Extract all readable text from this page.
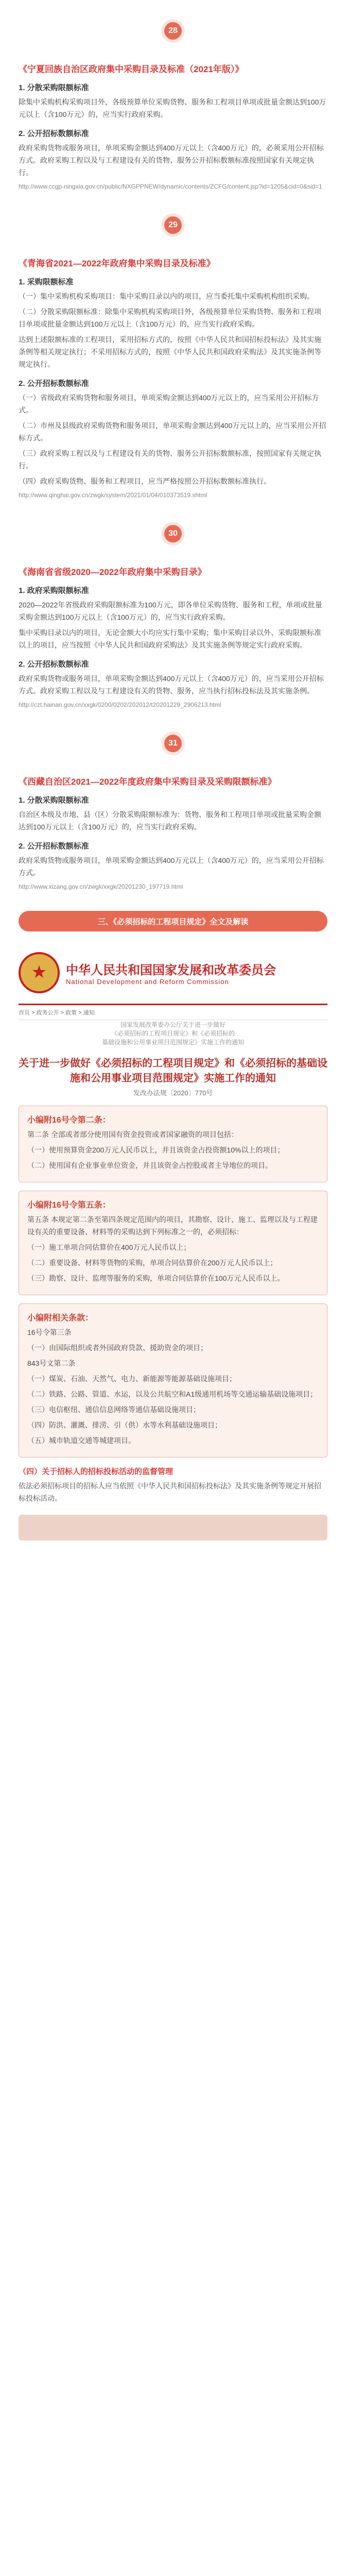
28
《宁夏回族自治区政府集中采购目录及标准（2021年版）》
1. 分散采购限额标准
除集中采购机构采购项目外，各级预算单位采购货物、服务和工程项目单项或批量金额达到100万元以上（含100万元）的，应当实行政府采购。
2. 公开招标数额标准
政府采购货物或服务项目，单项采购金额达到400万元以上（含400万元）的，必须采用公开招标方式。政府采购工程以及与工程建设有关的货物、服务公开招标数额标准按照国家有关规定执行。
http://www.ccgp-ningxia.gov.cn/public/NXGPPNEW/dynamic/contents/ZCFG/content.jsp?id=1205&cid=0&sid=1
29
《青海省2021—2022年政府集中采购目录及标准》
1. 采购限额标准
（一）集中采购机构采购项目：集中采购目录以内的项目，应当委托集中采购机构组织采购。
（二）分散采购限额标准：除集中采购机构采购项目外，各级预算单位采购货物、服务和工程项目单项或批量金额达到100万元以上（含100万元）的，应当实行政府采购。
达到上述限额标准的工程项目，采用招标方式的，按照《中华人民共和国招标投标法》及其实施条例等相关规定执行；不采用招标方式的，按照《中华人民共和国政府采购法》及其实施条例等规定执行。
2. 公开招标数额标准
（一）省级政府采购货物和服务项目，单项采购金额达到400万元以上的，应当采用公开招标方式。
（二）市州及县级政府采购货物和服务项目，单项采购金额达到400万元以上的，应当采用公开招标方式。
（三）政府采购工程以及与工程建设有关的货物、服务公开招标数额标准，按照国家有关规定执行。
（四）政府采购货物、服务和工程项目，应当严格按照公开招标数额标准执行。
http://www.qinghai.gov.cn/zwgk/system/2021/01/04/010373519.shtml
30
《海南省省级2020—2022年政府集中采购目录》
1. 政府采购限额标准
2020—2022年省级政府采购限额标准为100万元，即各单位采购货物、服务和工程，单项或批量采购金额达到100万元以上（含100万元）的，应当实行政府采购。
集中采购目录以内的项目，无论金额大小均应实行集中采购；集中采购目录以外、采购限额标准以上的项目，应当按照《中华人民共和国政府采购法》及其实施条例等规定实行政府采购。
2. 公开招标数额标准
政府采购货物或服务项目，单项采购金额达到400万元以上（含400万元）的，应当采用公开招标方式。政府采购工程以及与工程建设有关的货物、服务，应当执行招标投标法及其实施条例。
http://czt.hainan.gov.cn/xxgk/0200/0202/202012/t20201229_2906213.html
31
《西藏自治区2021—2022年度政府集中采购目录及采购限额标准》
1. 分散采购限额标准
自治区本级及市地、县（区）分散采购限额标准为：货物、服务和工程项目单项或批量采购金额达到100万元以上（含100万元）的，应当实行政府采购。
2. 公开招标数额标准
政府采购货物或服务项目，单项采购金额达到400万元以上（含400万元）的，应当采用公开招标方式。
http://www.xizang.gov.cn/zwgk/xxgk/20201230_197719.html
三、《必须招标的工程项目规定》全文及解读
★
中华人民共和国国家发展和改革委员会
National Development and Reform Commission
首页 > 政务公开 > 政策 > 通知
国家发展改革委办公厅关于进一步做好
《必须招标的工程项目规定》和《必须招标的
基础设施和公用事业项目范围规定》实施工作的通知
关于进一步做好《必须招标的工程项目规定》和《必须招标的基础设施和公用事业项目范围规定》实施工作的通知
发改办法规〔2020〕770号
小编附16号令第二条：
第二条 全部或者部分使用国有资金投资或者国家融资的项目包括：
（一）使用预算资金200万元人民币以上，并且该资金占投资额10%以上的项目；
（二）使用国有企业事业单位资金，并且该资金占控股或者主导地位的项目。
小编附16号令第五条：
第五条 本规定第二条至第四条规定范围内的项目，其勘察、设计、施工、监理以及与工程建设有关的重要设备、材料等的采购达到下列标准之一的，必须招标：
（一）施工单项合同估算价在400万元人民币以上；
（二）重要设备、材料等货物的采购，单项合同估算价在200万元人民币以上；
（三）勘察、设计、监理等服务的采购，单项合同估算价在100万元人民币以上。
小编附相关条款：
16号令第三条
（一）由国际组织或者外国政府贷款、援助资金的项目；
843号文第二条
（一）煤炭、石油、天然气、电力、新能源等能源基础设施项目；
（二）铁路、公路、管道、水运，以及公共航空和A1级通用机场等交通运输基础设施项目；
（三）电信枢纽、通信信息网络等通信基础设施项目；
（四）防洪、灌溉、排涝、引（供）水等水利基础设施项目；
（五）城市轨道交通等城建项目。
（四）关于招标人的招标投标活动的监督管理
依法必须招标项目的招标人应当依照《中华人民共和国招标投标法》及其实施条例等规定开展招标投标活动。
